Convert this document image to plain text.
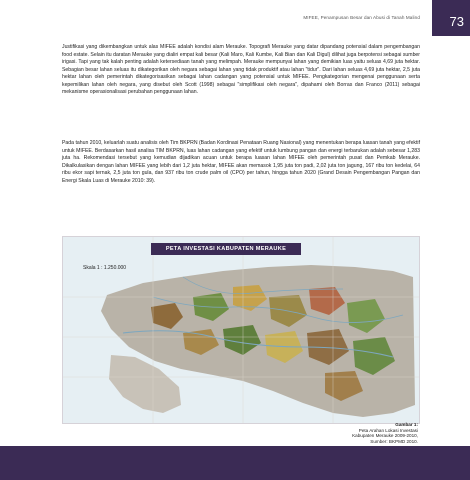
MIFEE, Penampusan Besar dan Abusi di Tanah Malind 73

Justifikasi yang dikembangkan untuk alas MIFEE adalah kondisi alam Merauke. Topografi Merauke yang datar dipandang potensial dalam pengembangan food estate. Selain itu daratan Merauke yang dialiri empat kali besar (Kali Maro, Kali Kumbe, Kali Bian dan Kali Digul) dilihat juga berpotensi sebagai sumber irigasi. Tapi yang tak kalah penting adalah ketersediaan tanah yang melimpah. Merauke mempunyai lahan yang demikian luas yaitu seluas 4,69 juta hektar. Sebagian besar lahan seluas itu dikategorikan oleh negara sebagai lahan yang tidak produktif atau lahan "tidur". Dari lahan seluas 4,69 juta hektar, 2,5 juta hektar lahan oleh pemerintah dikategorisasikan sebagai lahan cadangan yang potensial untuk MIFEE. Pengkategorian mengenai penggunaan serta kepemilikan lahan oleh negara, yang disebut oleh Scott (1998) sebagai "simplifikasi oleh negara", dipahami oleh Borras dan Franco (2011) sebagai mekanisme operasionalisasi perubahan penggunaan lahan.

Pada tahun 2010, keluarlah suatu analisis oleh Tim BKPRN (Badan Kordinasi Penataan Ruang Nasional) yang menentukan berapa luasan tanah yang efektif untuk MIFEE. Berdasarkan hasil analisa TIM BKPRN, luas lahan cadangan yang efektif untuk lumbung pangan dan energi terbarukan adalah sebesar 1,283 juta ha. Rekomendasi tersebut yang kemudian dijadikan acuan untuk berapa luasan lahan MIFEE oleh pemerintah pusat dan Pemkab Merauke. Dikalkulasikan dengan lahan MIFEE yang lebih dari 1,2 juta hektar, MIFEE akan memasok 1,95 juta ton padi, 2,02 juta ton jagung, 167 ribu ton kedelai, 64 ribu ekor sapi ternak, 2,5 juta ton gula, dan 937 ribu ton crude palm oil (CPO) per tahun, hingga tahun 2020 (Grand Desain Pengembangan Pangan dan Energi Skala Luas di Merauke 2010: 39).

PETA INVESTASI KABUPATEN MERAUKE
Skala 1 : 1.250.000
Gambar 1:
Peta Arahan Lokasi Investasi
Kabupaten Merauke 2009-2010,
Sumber: BKPMD 2010.
